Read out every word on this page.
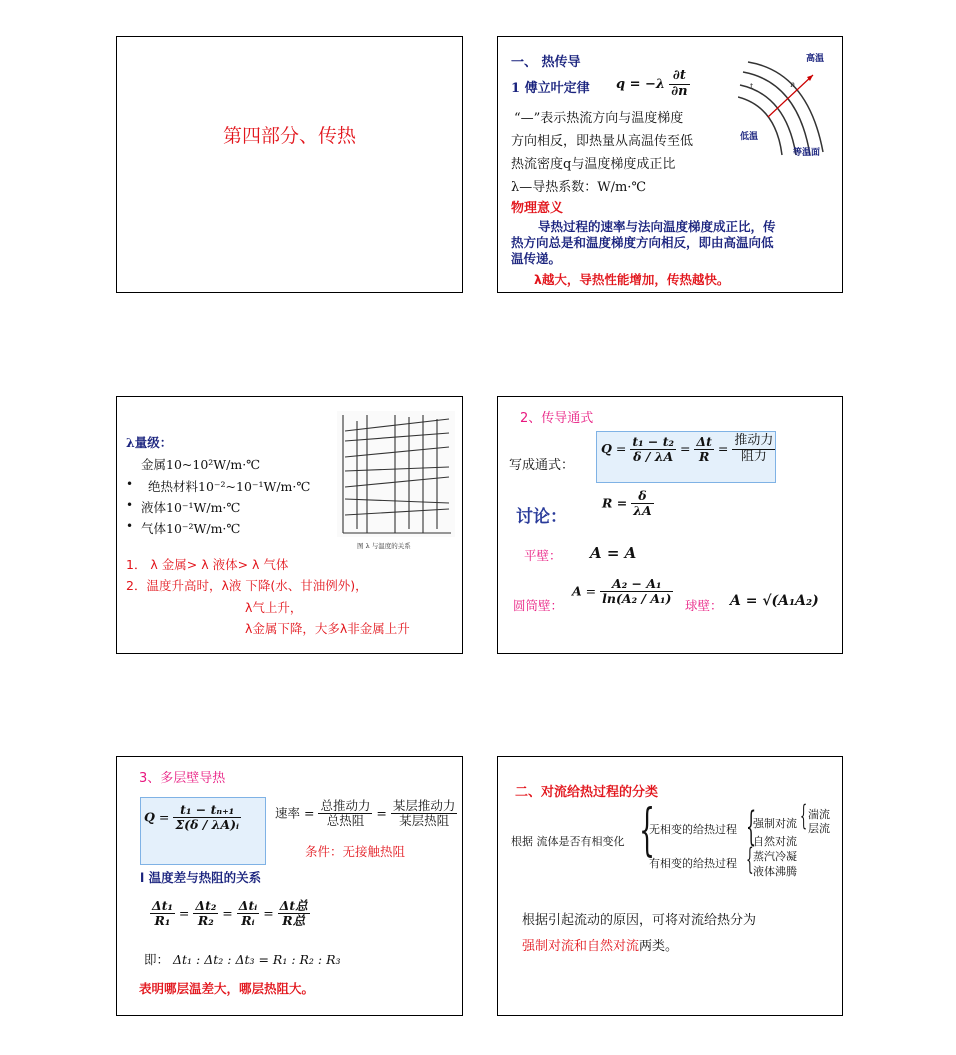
第四部分、传热
一、 热传导
1 傅立叶定律 $q = -\lambda \frac{\partial t}{\partial n}$
“—”表示热流方向与温度梯度
方向相反，即热量从高温传至低
热流密度q与温度梯度成正比
λ—导热系数：W/m·℃
物理意义
导热过程的速率与法向温度梯度成正比，传
热方向总是和温度梯度方向相反，即由高温向低
温传递。
λ越大，导热性能增加，传热越快。
t	n
高温
低温
等温面
λ量级：
金属10~10²W/m·℃
• 绝热材料10⁻²~10⁻¹W/m·℃
• 液体10⁻¹W/m·℃
• 气体10⁻²W/m·℃
图 λ 与温度的关系
1． λ 金属> λ 液体> λ 气体
2．温度升高时，λ液 下降(水、甘油例外)，
λ气上升，
λ金属下降，大多λ非金属上升
2、传导通式
写成通式：
$Q = \frac{\text{t₁ − t₂}}{\delta / \lambda A} = \frac{\Delta t}{R} = \frac{\text{推动力}}{\text{阻力}}$
讨论：
$R = \frac{\delta}{\lambda A}$
平壁： A = A
圆筒壁：
$A = \frac{\text{A₂ − A₁}}{\text{ln(A₂ / A₁)}}$ 球壁： A = √(A₁A₂)
3、多层壁导热
$Q = \frac{\text{t₁ − tₙ₊₁}}{\text{Σ(δ / λA)ᵢ}}$	速率 = $\frac{\text{总推动力}}{\text{总热阻}} = \frac{\text{某层推动力}}{\text{某层热阻}}$
条件：无接触热阻
l 温度差与热阻的关系
$\frac{\text{Δt₁}}{\text{R₁}} = \frac{\text{Δt₂}}{\text{R₂}} = \frac{\text{Δtᵢ}}{\text{Rᵢ}} = \frac{\text{Δt总}}{\text{R总}}$
即： Δt₁ : Δt₂ : Δt₃ = R₁ : R₂ : R₃
表明哪层温差大，哪层热阻大。
二、对流给热过程的分类
根据 流体是否有相变化 {
无相变的给热过程
有相变的给热过程
{
强制对流
自然对流
{ 湍流
层流
{ 蒸汽冷凝
液体沸腾
根据引起流动的原因，可将对流给热分为
强制对流和自然对流两类。
